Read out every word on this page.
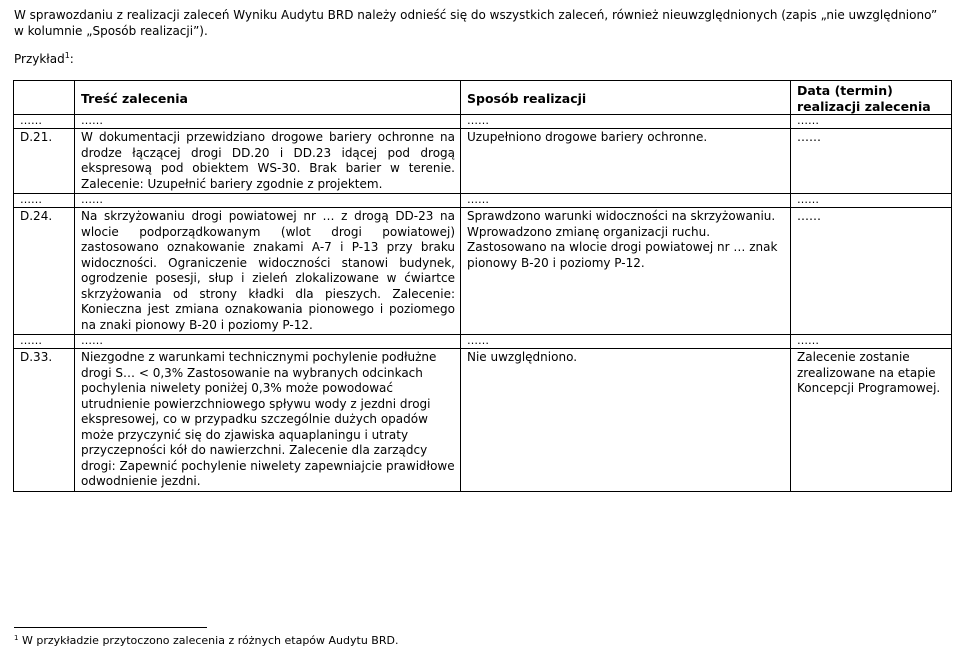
W sprawozdaniu z realizacji zaleceń Wyniku Audytu BRD należy odnieść się do wszystkich zaleceń, również nieuwzględnionych (zapis „nie uwzględniono” w kolumnie „Sposób realizacji”).

Przykład$^1$:

	Treść zalecenia	Sposób realizacji	Data (termin) realizacji zalecenia
……	……	……	……
D.21.	W dokumentacji przewidziano drogowe bariery ochronne na drodze łączącej drogi DD.20 i DD.23 idącej pod drogą ekspresową pod obiektem WS-30. Brak barier w terenie. Zalecenie: Uzupełnić bariery zgodnie z projektem.	Uzupełniono drogowe bariery ochronne.	……
……	……	……	……
D.24.	Na skrzyżowaniu drogi powiatowej nr … z drogą DD-23 na wlocie podporządkowanym (wlot drogi powiatowej) zastosowano oznakowanie znakami A-7 i P-13 przy braku widoczności. Ograniczenie widoczności stanowi budynek, ogrodzenie posesji, słup i zieleń zlokalizowane w ćwiartce skrzyżowania od strony kładki dla pieszych. Zalecenie: Konieczna jest zmiana oznakowania pionowego i poziomego na znaki pionowy B-20 i poziomy P-12.	Sprawdzono warunki widoczności na skrzyżowaniu. Wprowadzono zmianę organizacji ruchu. Zastosowano na wlocie drogi powiatowej nr … znak pionowy B-20 i poziomy P-12.	……
……	……	……	……
D.33.	Niezgodne z warunkami technicznymi pochylenie podłużne drogi S… < 0,3% Zastosowanie na wybranych odcinkach pochylenia niwelety poniżej 0,3% może powodować utrudnienie powierzchniowego spływu wody z jezdni drogi ekspresowej, co w przypadku szczególnie dużych opadów może przyczynić się do zjawiska aquaplaningu i utraty przyczepności kół do nawierzchni. Zalecenie dla zarządcy drogi: Zapewnić pochylenie niwelety zapewniajcie prawidłowe odwodnienie jezdni.	Nie uwzględniono.	Zalecenie zostanie zrealizowane na etapie Koncepcji Programowej.

$^1$ W przykładzie przytoczono zalecenia z różnych etapów Audytu BRD.
